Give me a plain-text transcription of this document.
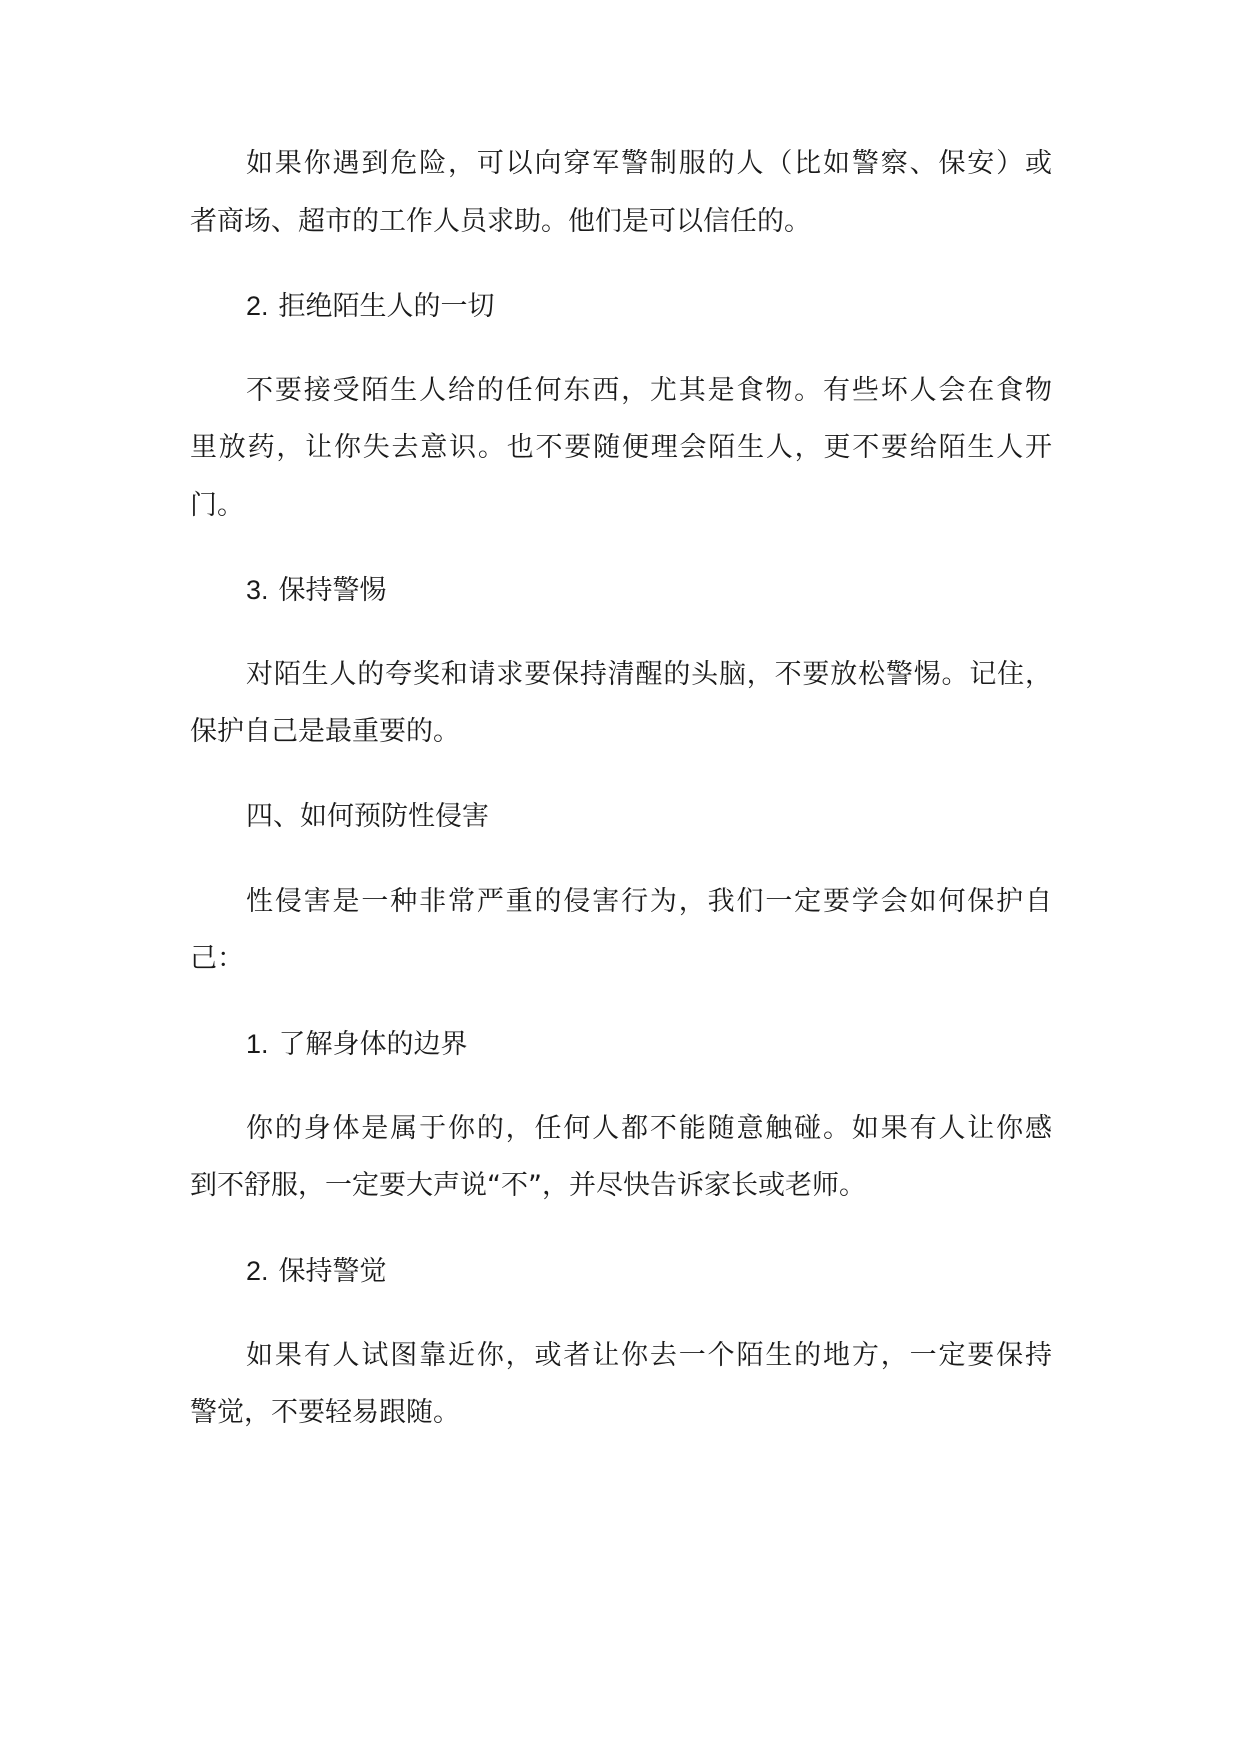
如果你遇到危险，可以向穿军警制服的人（比如警察、保安）或
者商场、超市的工作人员求助。他们是可以信任的。
2. 拒绝陌生人的一切
不要接受陌生人给的任何东西，尤其是食物。有些坏人会在食物
里放药，让你失去意识。也不要随便理会陌生人，更不要给陌生人开
门。
3. 保持警惕
对陌生人的夸奖和请求要保持清醒的头脑，不要放松警惕。记住，
保护自己是最重要的。
四、如何预防性侵害
性侵害是一种非常严重的侵害行为，我们一定要学会如何保护自
己：
1. 了解身体的边界
你的身体是属于你的，任何人都不能随意触碰。如果有人让你感
到不舒服，一定要大声说“不”，并尽快告诉家长或老师。
2. 保持警觉
如果有人试图靠近你，或者让你去一个陌生的地方，一定要保持
警觉，不要轻易跟随。
